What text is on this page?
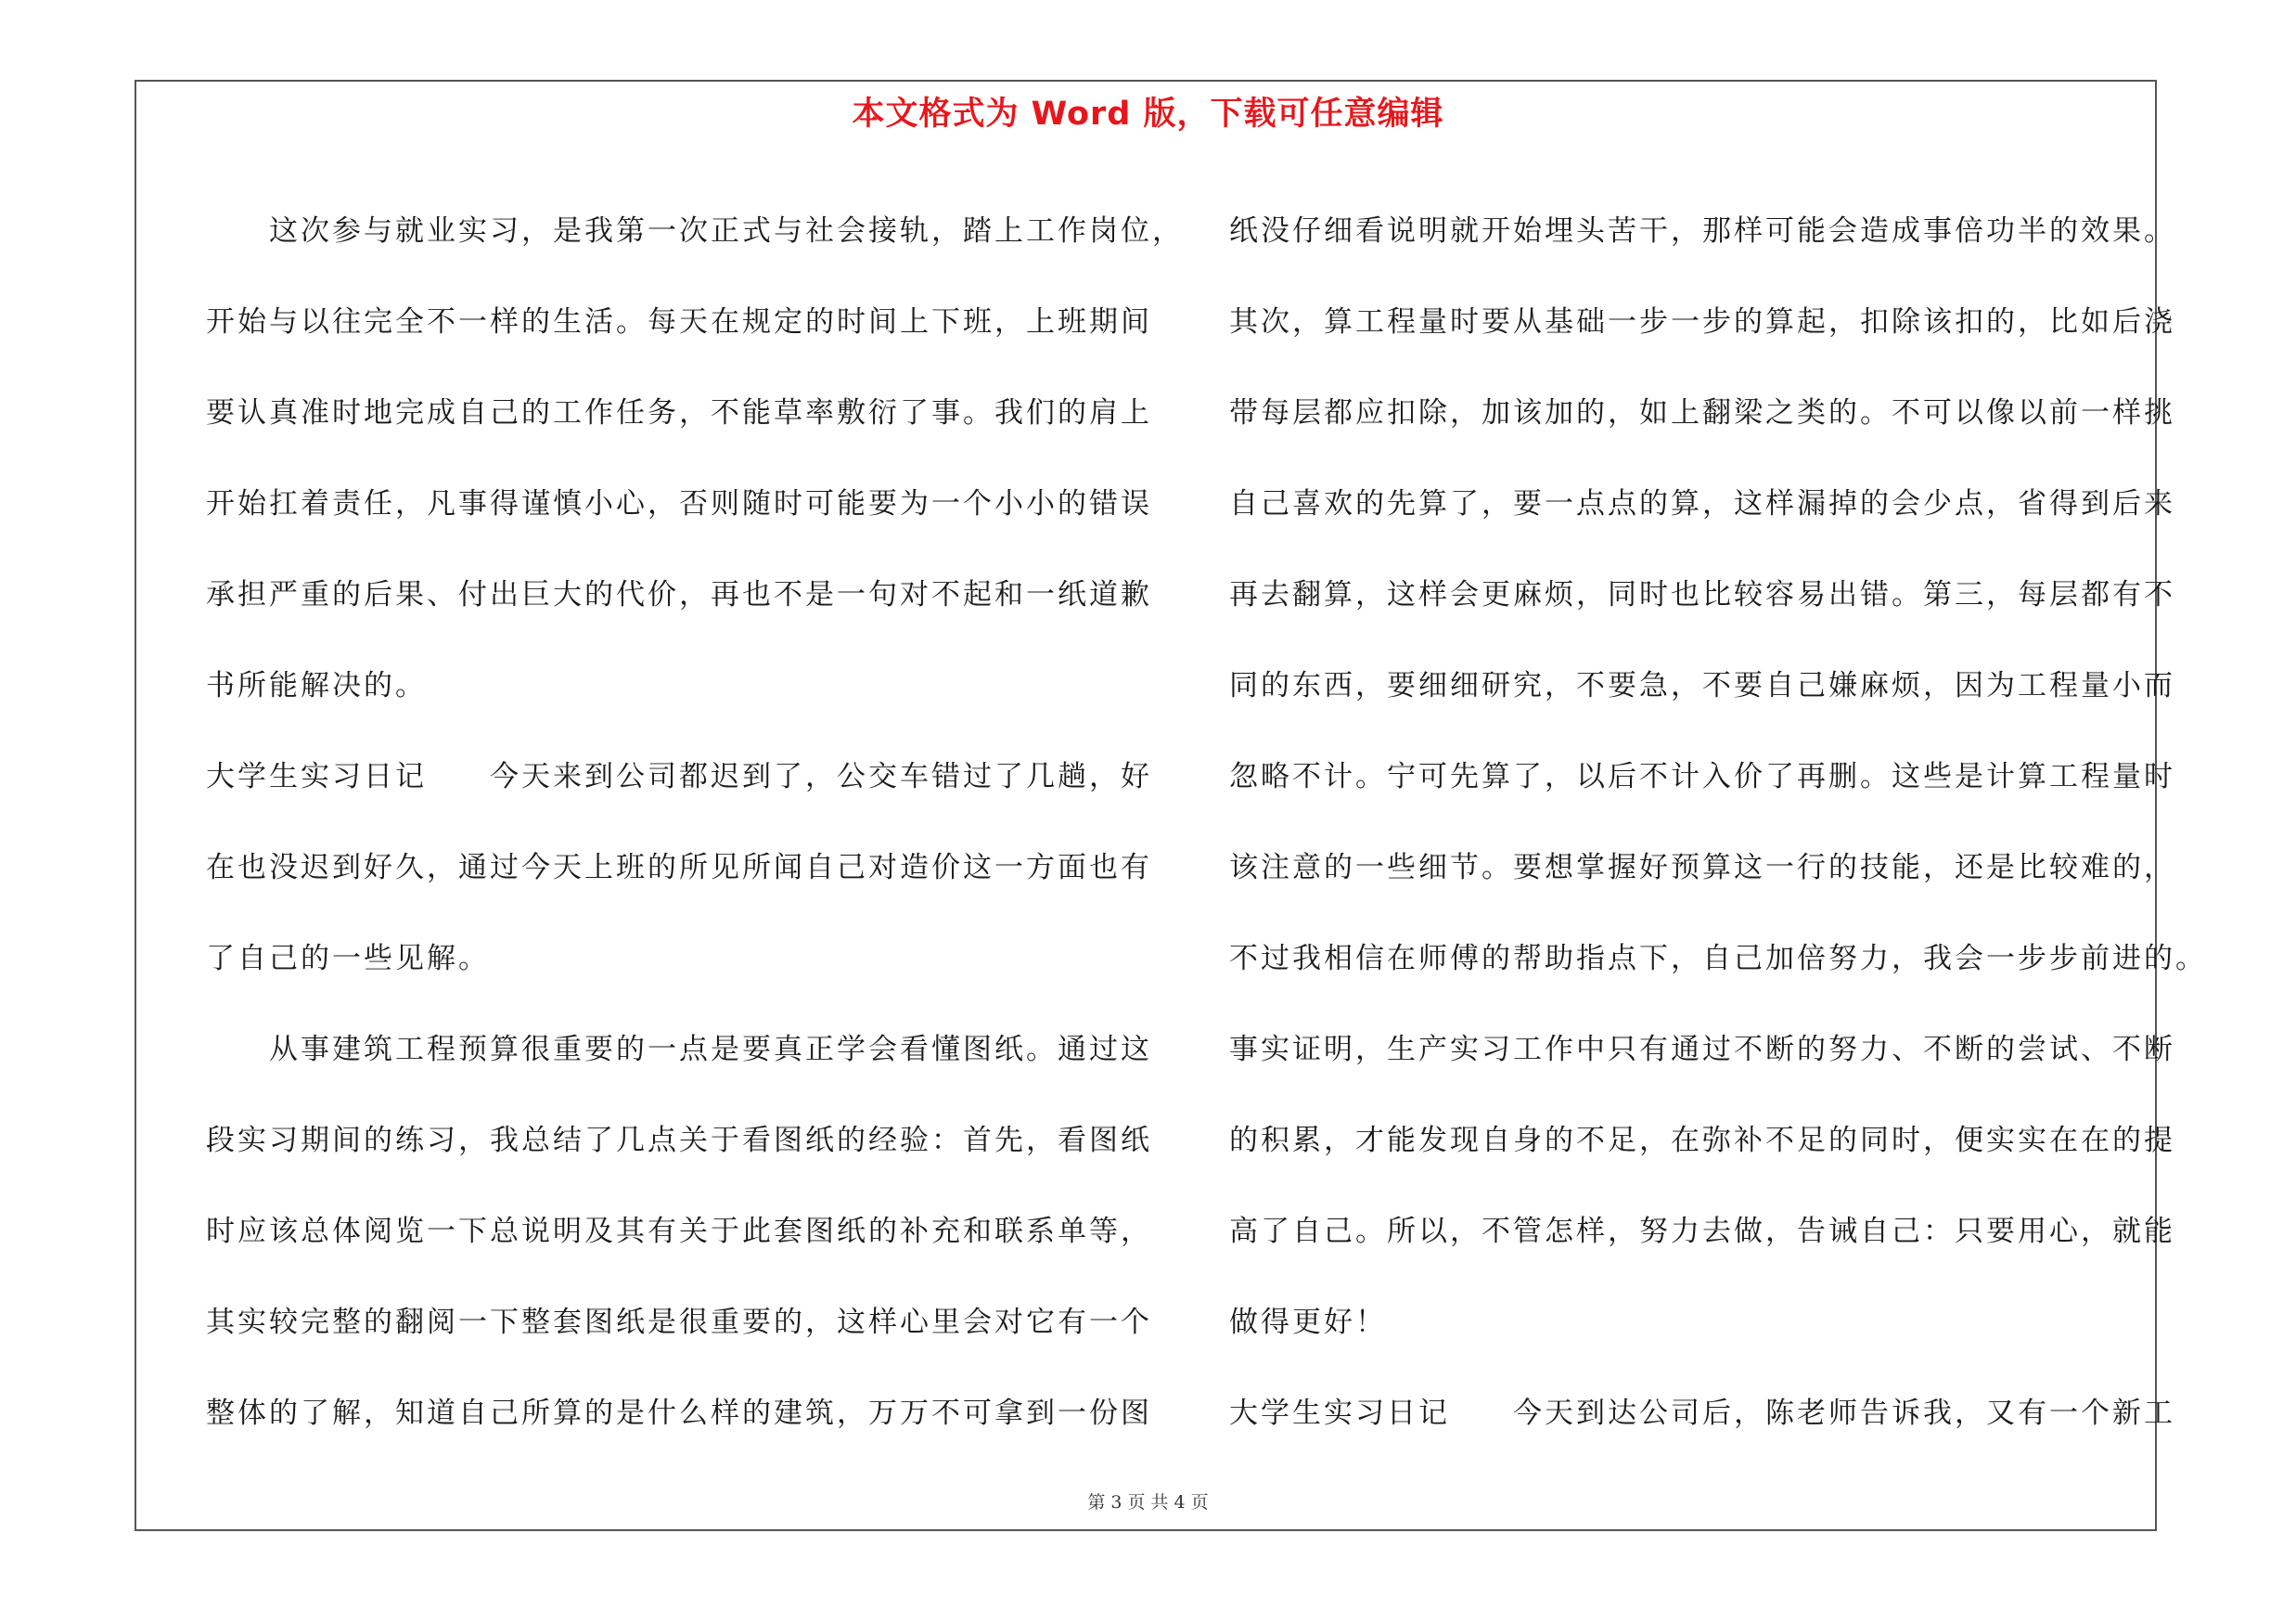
本文格式为 Word 版，下载可任意编辑
　　这次参与就业实习，是我第一次正式与社会接轨，踏上工作岗位，
开始与以往完全不一样的生活。每天在规定的时间上下班，上班期间
要认真准时地完成自己的工作任务，不能草率敷衍了事。我们的肩上
开始扛着责任，凡事得谨慎小心，否则随时可能要为一个小小的错误
承担严重的后果、付出巨大的代价，再也不是一句对不起和一纸道歉
书所能解决的。
大学生实习日记　　今天来到公司都迟到了，公交车错过了几趟，好
在也没迟到好久，通过今天上班的所见所闻自己对造价这一方面也有
了自己的一些见解。
　　从事建筑工程预算很重要的一点是要真正学会看懂图纸。通过这
段实习期间的练习，我总结了几点关于看图纸的经验：首先，看图纸
时应该总体阅览一下总说明及其有关于此套图纸的补充和联系单等，
其实较完整的翻阅一下整套图纸是很重要的，这样心里会对它有一个
整体的了解，知道自己所算的是什么样的建筑，万万不可拿到一份图
纸没仔细看说明就开始埋头苦干，那样可能会造成事倍功半的效果。
其次，算工程量时要从基础一步一步的算起，扣除该扣的，比如后浇
带每层都应扣除，加该加的，如上翻梁之类的。不可以像以前一样挑
自己喜欢的先算了，要一点点的算，这样漏掉的会少点，省得到后来
再去翻算，这样会更麻烦，同时也比较容易出错。第三，每层都有不
同的东西，要细细研究，不要急，不要自己嫌麻烦，因为工程量小而
忽略不计。宁可先算了，以后不计入价了再删。这些是计算工程量时
该注意的一些细节。要想掌握好预算这一行的技能，还是比较难的，
不过我相信在师傅的帮助指点下，自己加倍努力，我会一步步前进的。
事实证明，生产实习工作中只有通过不断的努力、不断的尝试、不断
的积累，才能发现自身的不足，在弥补不足的同时，便实实在在的提
高了自己。所以，不管怎样，努力去做，告诫自己：只要用心，就能
做得更好！
大学生实习日记　　今天到达公司后，陈老师告诉我，又有一个新工
第 3 页 共 4 页
